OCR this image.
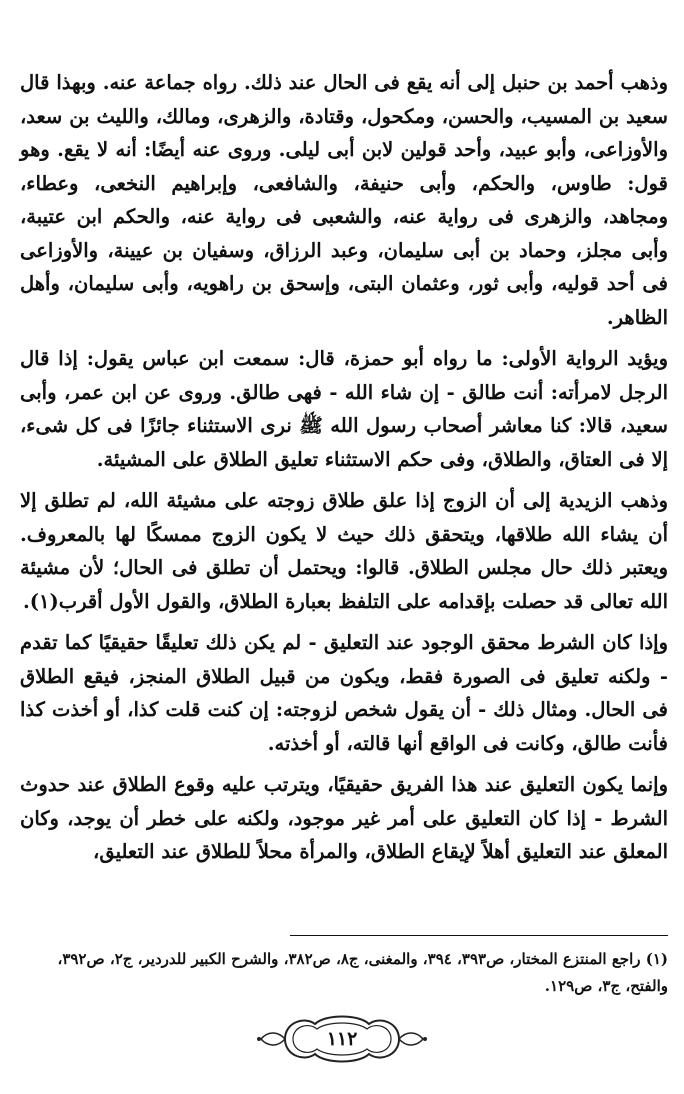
وذهب أحمد بن حنبل إلى أنه يقع فى الحال عند ذلك. رواه جماعة عنه. وبهذا قال سعيد بن المسيب، والحسن، ومكحول، وقتادة، والزهرى، ومالك، والليث بن سعد، والأوزاعى، وأبو عبيد، وأحد قولين لابن أبى ليلى. وروى عنه أيضًا: أنه لا يقع. وهو قول: طاوس، والحكم، وأبى حنيفة، والشافعى، وإبراهيم النخعى، وعطاء، ومجاهد، والزهرى فى رواية عنه، والشعبى فى رواية عنه، والحكم ابن عتيبة، وأبى مجلز، وحماد بن أبى سليمان، وعبد الرزاق، وسفيان بن عيينة، والأوزاعى فى أحد قوليه، وأبى ثور، وعثمان البتى، وإسحق بن راهويه، وأبى سليمان، وأهل الظاهر.

ويؤيد الرواية الأولى: ما رواه أبو حمزة، قال: سمعت ابن عباس يقول: إذا قال الرجل لامرأته: أنت طالق - إن شاء الله - فهى طالق. وروى عن ابن عمر، وأبى سعيد، قالا: كنا معاشر أصحاب رسول الله ﷺ نرى الاستثناء جائزًا فى كل شىء، إلا فى العتاق، والطلاق، وفى حكم الاستثناء تعليق الطلاق على المشيئة.

وذهب الزيدية إلى أن الزوج إذا علق طلاق زوجته على مشيئة الله، لم تطلق إلا أن يشاء الله طلاقها، ويتحقق ذلك حيث لا يكون الزوج ممسكًا لها بالمعروف. ويعتبر ذلك حال مجلس الطلاق. قالوا: ويحتمل أن تطلق فى الحال؛ لأن مشيئة الله تعالى قد حصلت بإقدامه على التلفظ بعبارة الطلاق، والقول الأول أقرب(١).

وإذا كان الشرط محقق الوجود عند التعليق - لم يكن ذلك تعليقًا حقيقيًا كما تقدم - ولكنه تعليق فى الصورة فقط، ويكون من قبيل الطلاق المنجز، فيقع الطلاق فى الحال. ومثال ذلك - أن يقول شخص لزوجته: إن كنت قلت كذا، أو أخذت كذا فأنت طالق، وكانت فى الواقع أنها قالته، أو أخذته.

وإنما يكون التعليق عند هذا الفريق حقيقيًا، ويترتب عليه وقوع الطلاق عند حدوث الشرط - إذا كان التعليق على أمر غير موجود، ولكنه على خطر أن يوجد، وكان المعلق عند التعليق أهلاً لإيقاع الطلاق، والمرأة محلاً للطلاق عند التعليق،

(١) راجع المنتزع المختار، ص٣٩٣، ٣٩٤، والمغنى، ج٨، ص٣٨٢، والشرح الكبير للدردير، ج٢، ص٣٩٢، والفتح، ج٣، ص١٢٩.
١١٢
